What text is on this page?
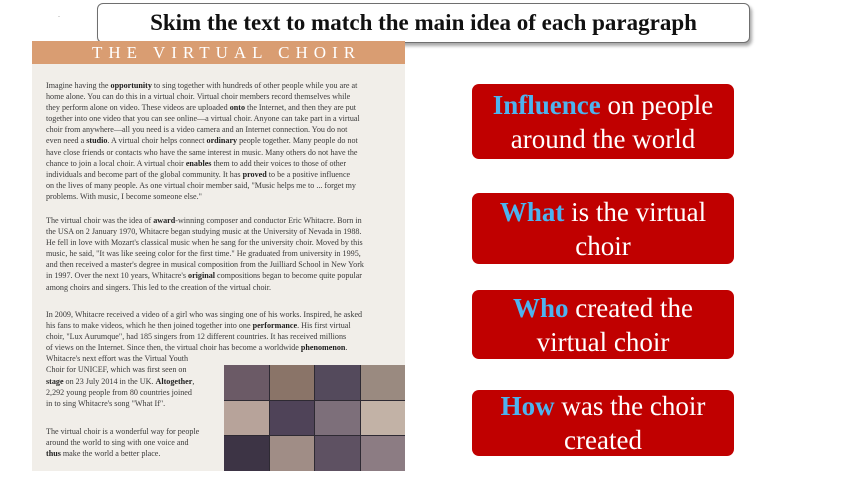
-	Skim the text to match the main idea of each paragraph
THE VIRTUAL CHOIR
Imagine having the opportunity to sing together with hundreds of other people while you are at
home alone. You can do this in a virtual choir. Virtual choir members record themselves while
they perform alone on video. These videos are uploaded onto the Internet, and then they are put
together into one video that you can see online—a virtual choir. Anyone can take part in a virtual
choir from anywhere—all you need is a video camera and an Internet connection. You do not
even need a studio. A virtual choir helps connect ordinary people together. Many people do not
have close friends or contacts who have the same interest in music. Many others do not have the
chance to join a local choir. A virtual choir enables them to add their voices to those of other
individuals and become part of the global community. It has proved to be a positive influence
on the lives of many people. As one virtual choir member said, "Music helps me to ... forget my
problems. With music, I become someone else."
The virtual choir was the idea of award-winning composer and conductor Eric Whitacre. Born in
the USA on 2 January 1970, Whitacre began studying music at the University of Nevada in 1988.
He fell in love with Mozart's classical music when he sang for the university choir. Moved by this
music, he said, "It was like seeing color for the first time." He graduated from university in 1995,
and then received a master's degree in musical composition from the Juilliard School in New York
in 1997. Over the next 10 years, Whitacre's original compositions began to become quite popular
among choirs and singers. This led to the creation of the virtual choir.
In 2009, Whitacre received a video of a girl who was singing one of his works. Inspired, he asked
his fans to make videos, which he then joined together into one performance. His first virtual
choir, "Lux Aurumque", had 185 singers from 12 different countries. It has received millions
of views on the Internet. Since then, the virtual choir has become a worldwide phenomenon.
Whitacre's next effort was the Virtual Youth
Choir for UNICEF, which was first seen on
stage on 23 July 2014 in the UK. Altogether,
2,292 young people from 80 countries joined
in to sing Whitacre's song "What If".
The virtual choir is a wonderful way for people
around the world to sing with one voice and
thus make the world a better place.
Influence on people
around the world
What is the virtual
choir
Who created the
virtual choir
How was the choir
created
